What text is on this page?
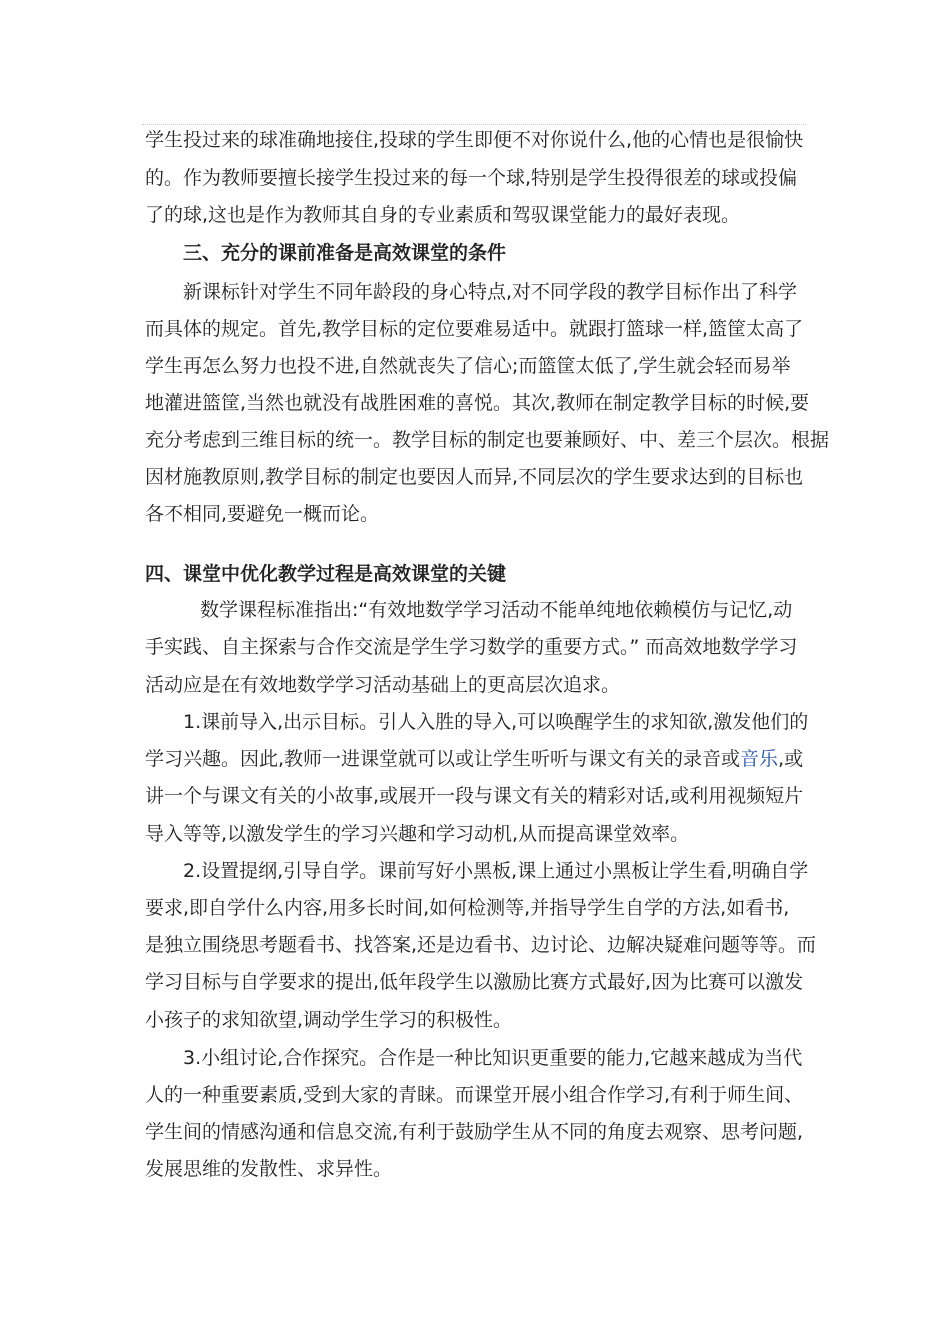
学生投过来的球准确地接住,投球的学生即便不对你说什么,他的心情也是很愉快
的。作为教师要擅长接学生投过来的每一个球,特别是学生投得很差的球或投偏
了的球,这也是作为教师其自身的专业素质和驾驭课堂能力的最好表现。
三、充分的课前准备是高效课堂的条件
新课标针对学生不同年龄段的身心特点,对不同学段的教学目标作出了科学
而具体的规定。首先,教学目标的定位要难易适中。就跟打篮球一样,篮筐太高了
学生再怎么努力也投不进,自然就丧失了信心;而篮筐太低了,学生就会轻而易举
地灌进篮筐,当然也就没有战胜困难的喜悦。其次,教师在制定教学目标的时候,要
充分考虑到三维目标的统一。教学目标的制定也要兼顾好、中、差三个层次。根据
因材施教原则,教学目标的制定也要因人而异,不同层次的学生要求达到的目标也
各不相同,要避免一概而论。
四、课堂中优化教学过程是高效课堂的关键
数学课程标准指出:“有效地数学学习活动不能单纯地依赖模仿与记忆,动
手实践、自主探索与合作交流是学生学习数学的重要方式。” 而高效地数学学习
活动应是在有效地数学学习活动基础上的更高层次追求。
1.课前导入,出示目标。引人入胜的导入,可以唤醒学生的求知欲,激发他们的
学习兴趣。因此,教师一进课堂就可以或让学生听听与课文有关的录音或音乐,或
讲一个与课文有关的小故事,或展开一段与课文有关的精彩对话,或利用视频短片
导入等等,以激发学生的学习兴趣和学习动机,从而提高课堂效率。
2.设置提纲,引导自学。课前写好小黑板,课上通过小黑板让学生看,明确自学
要求,即自学什么内容,用多长时间,如何检测等,并指导学生自学的方法,如看书,
是独立围绕思考题看书、找答案,还是边看书、边讨论、边解决疑难问题等等。而
学习目标与自学要求的提出,低年段学生以激励比赛方式最好,因为比赛可以激发
小孩子的求知欲望,调动学生学习的积极性。
3.小组讨论,合作探究。合作是一种比知识更重要的能力,它越来越成为当代
人的一种重要素质,受到大家的青睐。而课堂开展小组合作学习,有利于师生间、
学生间的情感沟通和信息交流,有利于鼓励学生从不同的角度去观察、思考问题,
发展思维的发散性、求异性。
